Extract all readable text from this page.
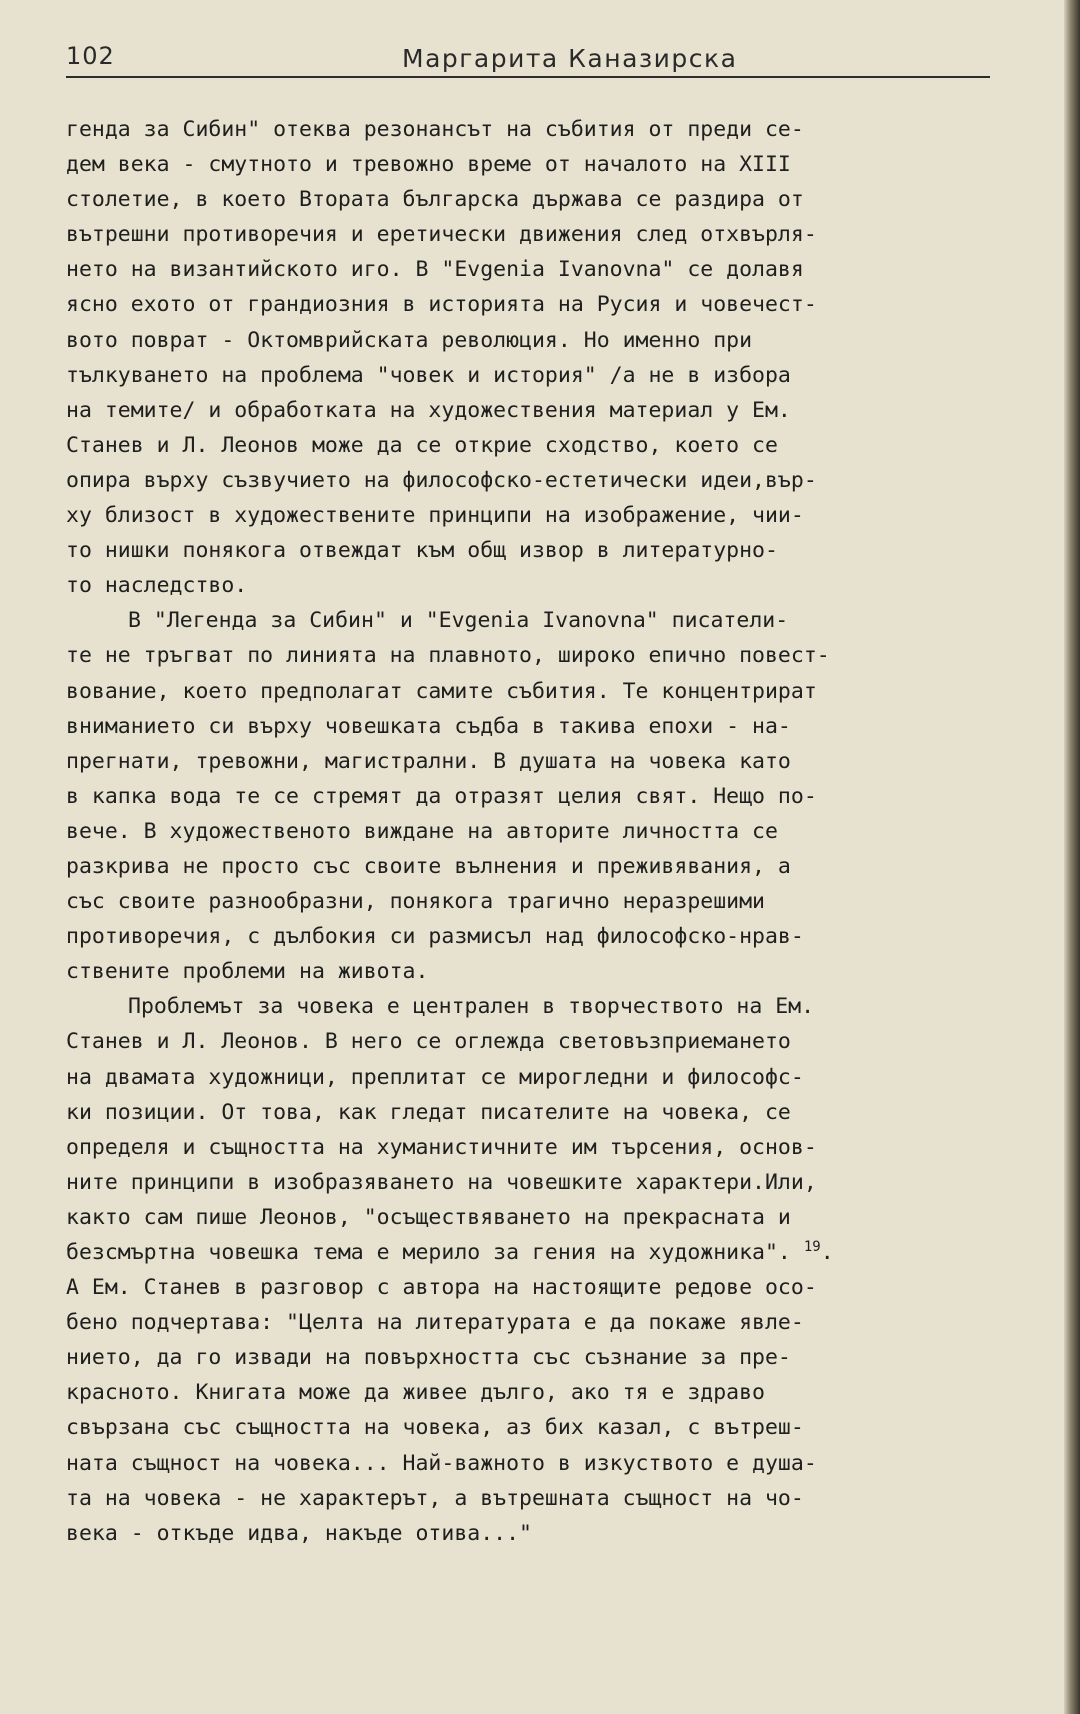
102	Маргарита Каназирска
генда за Сибин" отеква резонансът на събития от преди се-
дем века - смутното и тревожно време от началото на XIII
столетие, в което Втората българска държава се раздира от
вътрешни противоречия и еретически движения след отхвърля-
нето на византийското иго. В "Evgenia Ivanovna" се долавя
ясно ехото от грандиозния в историята на Русия и човечест-
вото поврат - Октомврийската революция. Но именно при
тълкуването на проблема "човек и история" /а не в избора
на темите/ и обработката на художествения материал у Ем.
Станев и Л. Леонов може да се открие сходство, което се
опира върху съзвучието на философско-естетически идеи,вър-
ху близост в художествените принципи на изображение, чии-
то нишки понякога отвеждат към общ извор в литературно-
то наследство.
В "Легенда за Сибин" и "Evgenia Ivanovna" писатели-
те не тръгват по линията на плавното, широко епично повест-
вование, което предполагат самите събития. Те концентрират
вниманието си върху човешката съдба в такива епохи - на-
прегнати, тревожни, магистрални. В душата на човека като
в капка вода те се стремят да отразят целия свят. Нещо по-
вече. В художественото виждане на авторите личността се
разкрива не просто със своите вълнения и преживявания, а
със своите разнообразни, понякога трагично неразрешими
противоречия, с дълбокия си размисъл над философско-нрав-
ствените проблеми на живота.
Проблемът за човека е централен в творчеството на Ем.
Станев и Л. Леонов. В него се оглежда световъзприемането
на двамата художници, преплитат се мирогледни и философс-
ки позиции. От това, как гледат писателите на човека, се
определя и същността на хуманистичните им търсения, основ-
ните принципи в изобразяването на човешките характери.Или,
както сам пише Леонов, "осъществяването на прекрасната и
безсмъртна човешка тема е мерило за гения на художника". $^{19}$.
А Ем. Станев в разговор с автора на настоящите редове осо-
бено подчертава: "Целта на литературата е да покаже явле-
нието, да го извади на повърхността със съзнание за пре-
красното. Книгата може да живее дълго, ако тя е здраво
свързана със същността на човека, аз бих казал, с вътреш-
ната същност на човека... Най-важното в изкуството е душа-
та на човека - не характерът, а вътрешната същност на чо-
века - откъде идва, накъде отива..."
